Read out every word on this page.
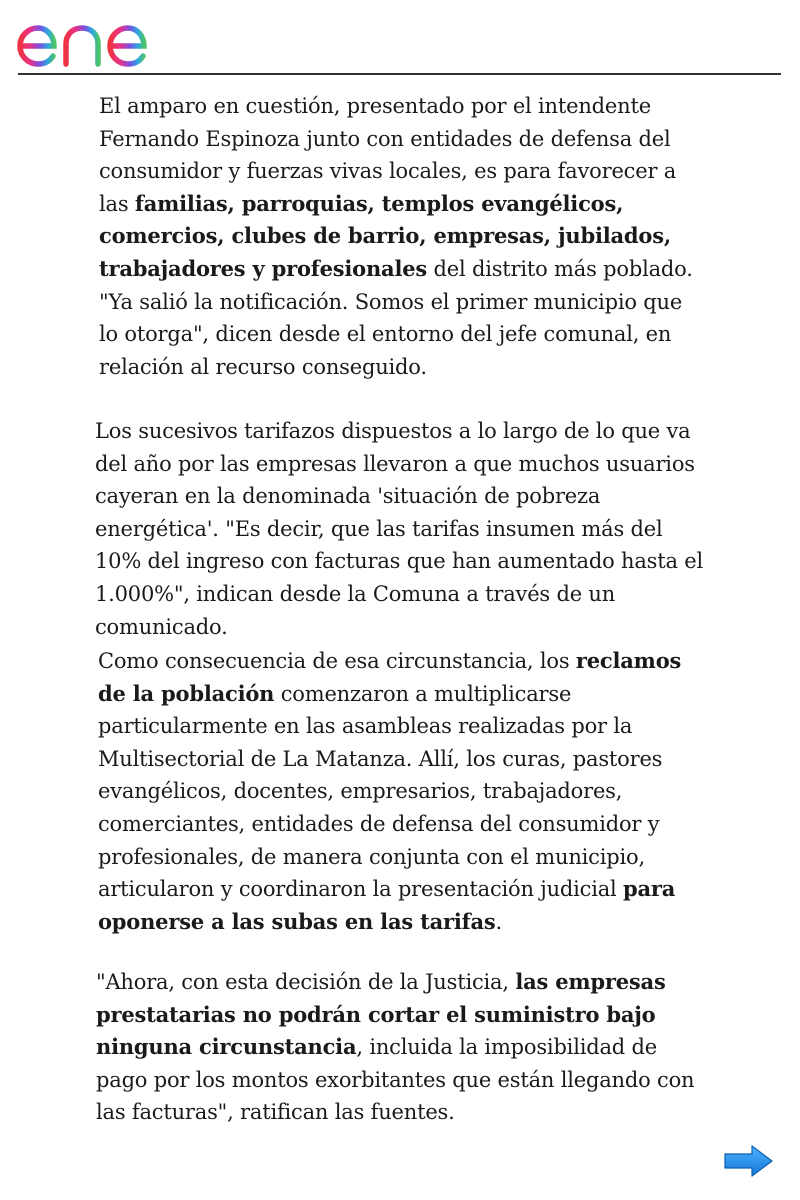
El amparo en cuestión, presentado por el intendente Fernando Espinoza junto con entidades de defensa del consumidor y fuerzas vivas locales, es para favorecer a las familias, parroquias, templos evangélicos, comercios, clubes de barrio, empresas, jubilados, trabajadores y profesionales del distrito más poblado. "Ya salió la notificación. Somos el primer municipio que lo otorga", dicen desde el entorno del jefe comunal, en relación al recurso conseguido.

Los sucesivos tarifazos dispuestos a lo largo de lo que va del año por las empresas llevaron a que muchos usuarios cayeran en la denominada 'situación de pobreza energética'. "Es decir, que las tarifas insumen más del 10% del ingreso con facturas que han aumentado hasta el 1.000%", indican desde la Comuna a través de un comunicado.

Como consecuencia de esa circunstancia, los reclamos de la población comenzaron a multiplicarse particularmente en las asambleas realizadas por la Multisectorial de La Matanza. Allí, los curas, pastores evangélicos, docentes, empresarios, trabajadores, comerciantes, entidades de defensa del consumidor y profesionales, de manera conjunta con el municipio, articularon y coordinaron la presentación judicial para oponerse a las subas en las tarifas.

"Ahora, con esta decisión de la Justicia, las empresas prestatarias no podrán cortar el suministro bajo ninguna circunstancia, incluida la imposibilidad de pago por los montos exorbitantes que están llegando con las facturas", ratifican las fuentes.
